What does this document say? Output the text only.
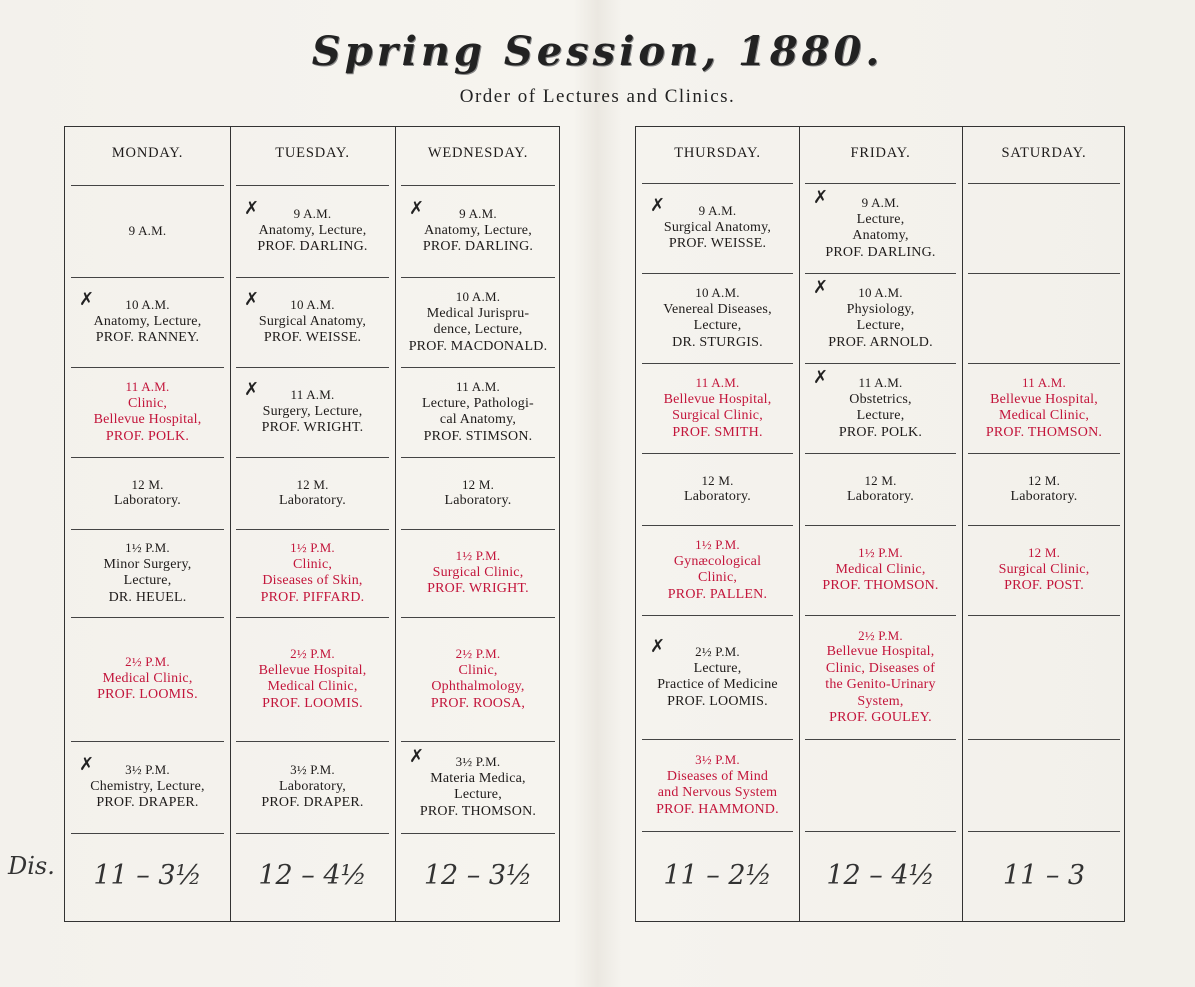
Spring Session, 1880.
Order of Lectures and Clinics.
MONDAY.
9 A.M.
10 A.M.
Anatomy, Lecture,
PROF. RANNEY.
✗
11 A.M.
Clinic,
Bellevue Hospital,
PROF. POLK.
12 M.
Laboratory.
1½ P.M.
Minor Surgery,
Lecture,
DR. HEUEL.
2½ P.M.
Medical Clinic,
PROF. LOOMIS.
3½ P.M.
Chemistry, Lecture,
PROF. DRAPER.
✗
11 – 3½
TUESDAY.
9 A.M.
Anatomy, Lecture,
PROF. DARLING.
✗
10 A.M.
Surgical Anatomy,
PROF. WEISSE.
✗
11 A.M.
Surgery, Lecture,
PROF. WRIGHT.
✗
12 M.
Laboratory.
1½ P.M.
Clinic,
Diseases of Skin,
PROF. PIFFARD.
2½ P.M.
Bellevue Hospital,
Medical Clinic,
PROF. LOOMIS.
3½ P.M.
Laboratory,
PROF. DRAPER.
12 – 4½
WEDNESDAY.
9 A.M.
Anatomy, Lecture,
PROF. DARLING.
✗
10 A.M.
Medical Jurispru-
dence, Lecture,
PROF. MACDONALD.
11 A.M.
Lecture, Pathologi-
cal Anatomy,
PROF. STIMSON.
12 M.
Laboratory.
1½ P.M.
Surgical Clinic,
PROF. WRIGHT.
2½ P.M.
Clinic,
Ophthalmology,
PROF. ROOSA,
3½ P.M.
Materia Medica,
Lecture,
PROF. THOMSON.
✗
12 – 3½
THURSDAY.
9 A.M.
Surgical Anatomy,
PROF. WEISSE.
✗
10 A.M.
Venereal Diseases,
Lecture,
DR. STURGIS.
11 A.M.
Bellevue Hospital,
Surgical Clinic,
PROF. SMITH.
12 M.
Laboratory.
1½ P.M.
Gynæcological
Clinic,
PROF. PALLEN.
2½ P.M.
Lecture,
Practice of Medicine
PROF. LOOMIS.
✗
3½ P.M.
Diseases of Mind
and Nervous System
PROF. HAMMOND.
11 – 2½
FRIDAY.
9 A.M.
Lecture,
Anatomy,
PROF. DARLING.
✗
10 A.M.
Physiology,
Lecture,
PROF. ARNOLD.
✗
11 A.M.
Obstetrics,
Lecture,
PROF. POLK.
✗
12 M.
Laboratory.
1½ P.M.
Medical Clinic,
PROF. THOMSON.
2½ P.M.
Bellevue Hospital,
Clinic, Diseases of
the Genito-Urinary
System,
PROF. GOULEY.
12 – 4½
SATURDAY.
11 A.M.
Bellevue Hospital,
Medical Clinic,
PROF. THOMSON.
12 M.
Laboratory.
12 M.
Surgical Clinic,
PROF. POST.
11 – 3
Dis.
